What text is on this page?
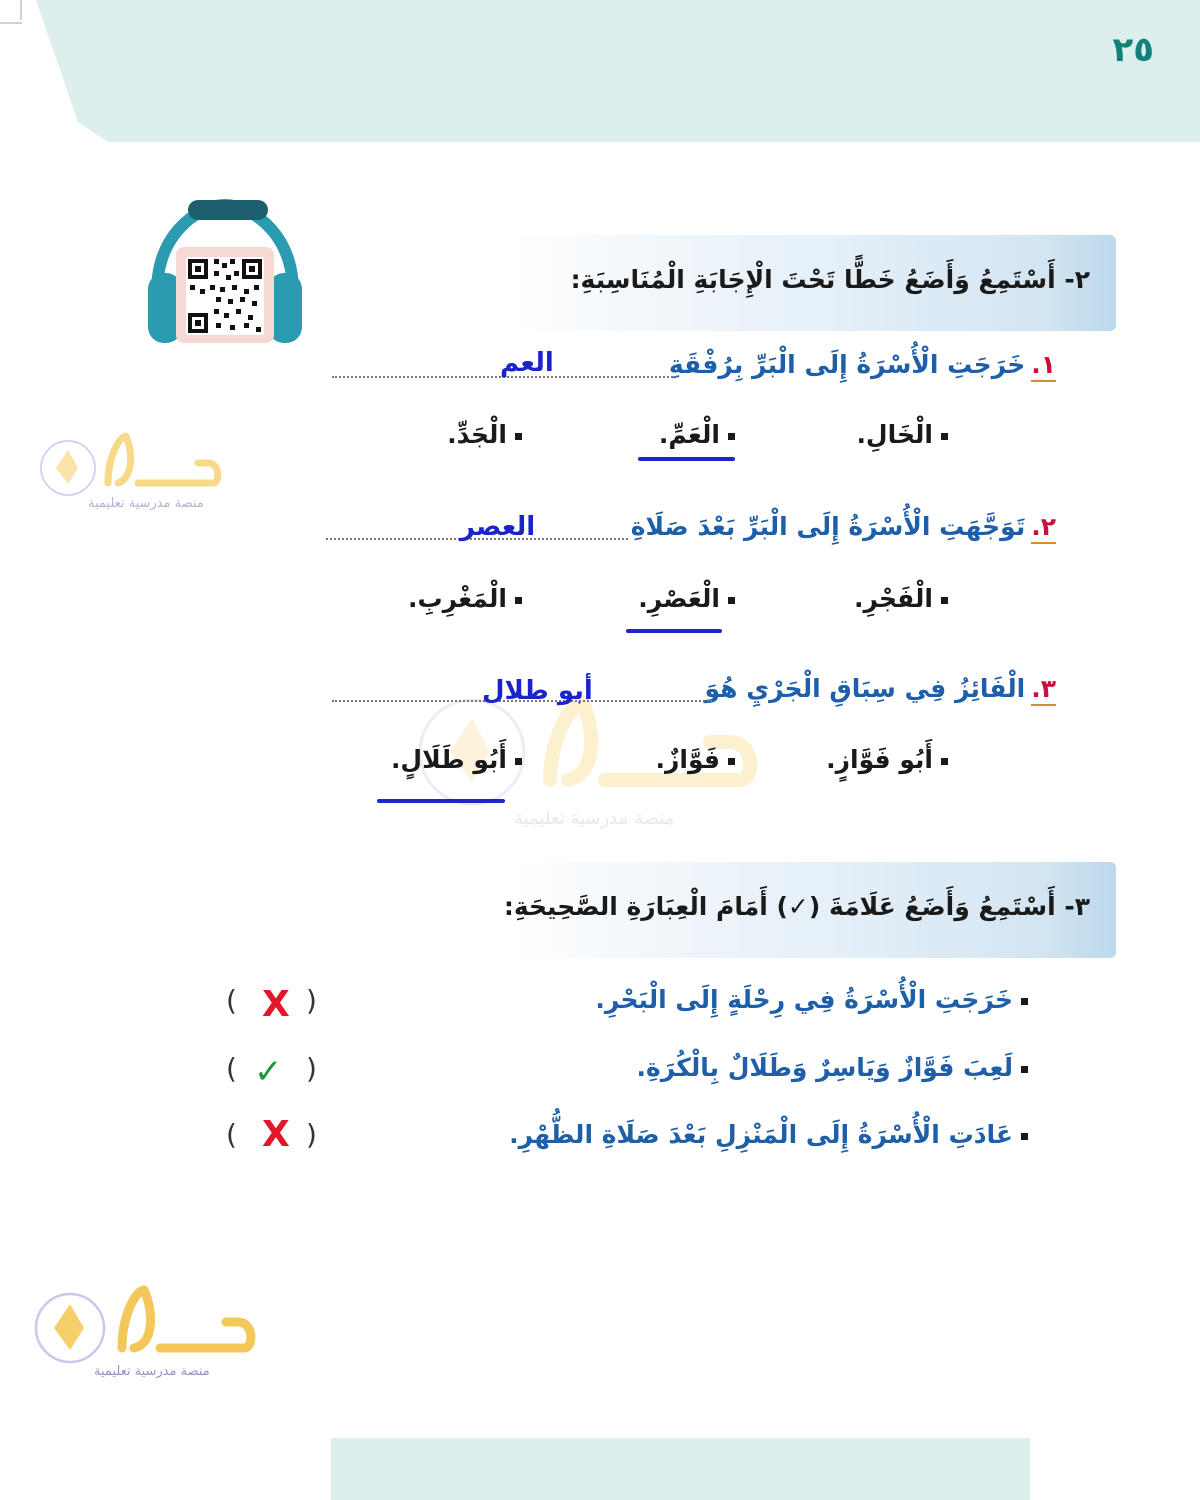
٢٥
منصة مدرسية تعليمية
٢- أَسْتَمِعُ وَأَضَعُ خَطًّا تَحْتَ الْإِجَابَةِ الْمُنَاسِبَةِ:
١.خَرَجَتِ الْأُسْرَةُ إِلَى الْبَرِّ بِرُفْقَةِ
العم
الْخَالِ.
الْعَمِّ.
الْجَدِّ.
٢.تَوَجَّهَتِ الْأُسْرَةُ إِلَى الْبَرِّ بَعْدَ صَلَاةِ
العصر
الْفَجْرِ.
الْعَصْرِ.
الْمَغْرِبِ.
منصة مدرسية تعليمية
٣.الْفَائِزُ فِي سِبَاقِ الْجَرْيِ هُوَ
أبو طلال
أَبُو فَوَّازٍ.
فَوَّازٌ.
أَبُو طَلَالٍ.
٣- أَسْتَمِعُ وَأَضَعُ عَلَامَةَ (✓) أَمَامَ الْعِبَارَةِ الصَّحِيحَةِ:
خَرَجَتِ الْأُسْرَةُ فِي رِحْلَةٍ إِلَى الْبَحْرِ.
( X )
لَعِبَ فَوَّازٌ وَيَاسِرٌ وَطَلَالٌ بِالْكُرَةِ.
( ✓ )
عَادَتِ الْأُسْرَةُ إِلَى الْمَنْزِلِ بَعْدَ صَلَاةِ الظُّهْرِ.
( X )
منصة مدرسية تعليمية
